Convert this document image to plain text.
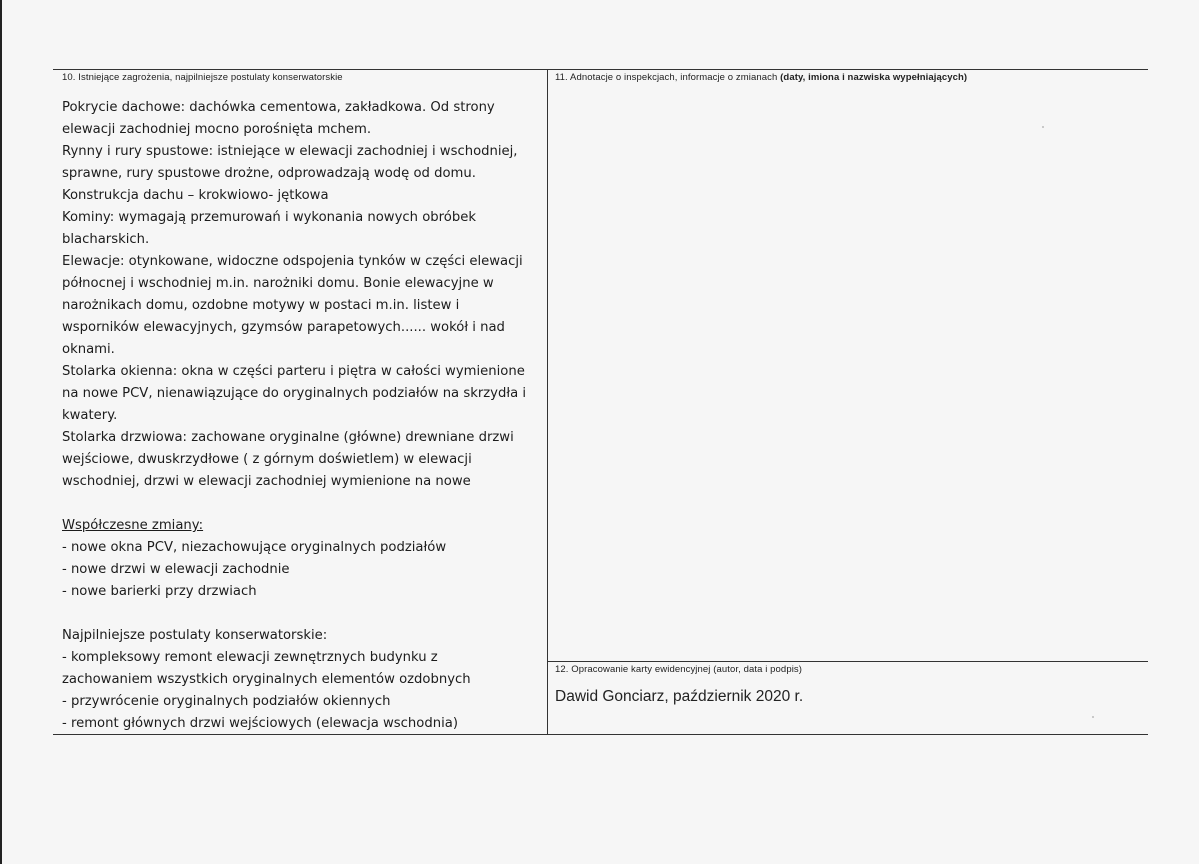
10. Istniejące zagrożenia, najpilniejsze postulaty konserwatorskie	11. Adnotacje o inspekcjach, informacje o zmianach (daty, imiona i nazwiska wypełniających)
12. Opracowanie karty ewidencyjnej (autor, data i podpis)
Pokrycie dachowe: dachówka cementowa, zakładkowa. Od strony
elewacji zachodniej mocno porośnięta mchem.
Rynny i rury spustowe: istniejące w elewacji zachodniej i wschodniej,
sprawne, rury spustowe drożne, odprowadzają wodę od domu.
Konstrukcja dachu – krokwiowo- jętkowa
Kominy: wymagają przemurowań i wykonania nowych obróbek
blacharskich.
Elewacje: otynkowane, widoczne odspojenia tynków w części elewacji
północnej i wschodniej m.in. narożniki domu. Bonie elewacyjne w
narożnikach domu, ozdobne motywy w postaci m.in. listew i
wsporników elewacyjnych, gzymsów parapetowych...... wokół i nad
oknami.
Stolarka okienna: okna w części parteru i piętra w całości wymienione
na nowe PCV, nienawiązujące do oryginalnych podziałów na skrzydła i
kwatery.
Stolarka drzwiowa: zachowane oryginalne (główne) drewniane drzwi
wejściowe, dwuskrzydłowe ( z górnym doświetlem) w elewacji
wschodniej, drzwi w elewacji zachodniej wymienione na nowe
Współczesne zmiany:
- nowe okna PCV, niezachowujące oryginalnych podziałów
- nowe drzwi w elewacji zachodnie
- nowe barierki przy drzwiach
Najpilniejsze postulaty konserwatorskie:
- kompleksowy remont elewacji zewnętrznych budynku z
zachowaniem wszystkich oryginalnych elementów ozdobnych
- przywrócenie oryginalnych podziałów okiennych
- remont głównych drzwi wejściowych (elewacja wschodnia)
Dawid Gonciarz, październik 2020 r.
